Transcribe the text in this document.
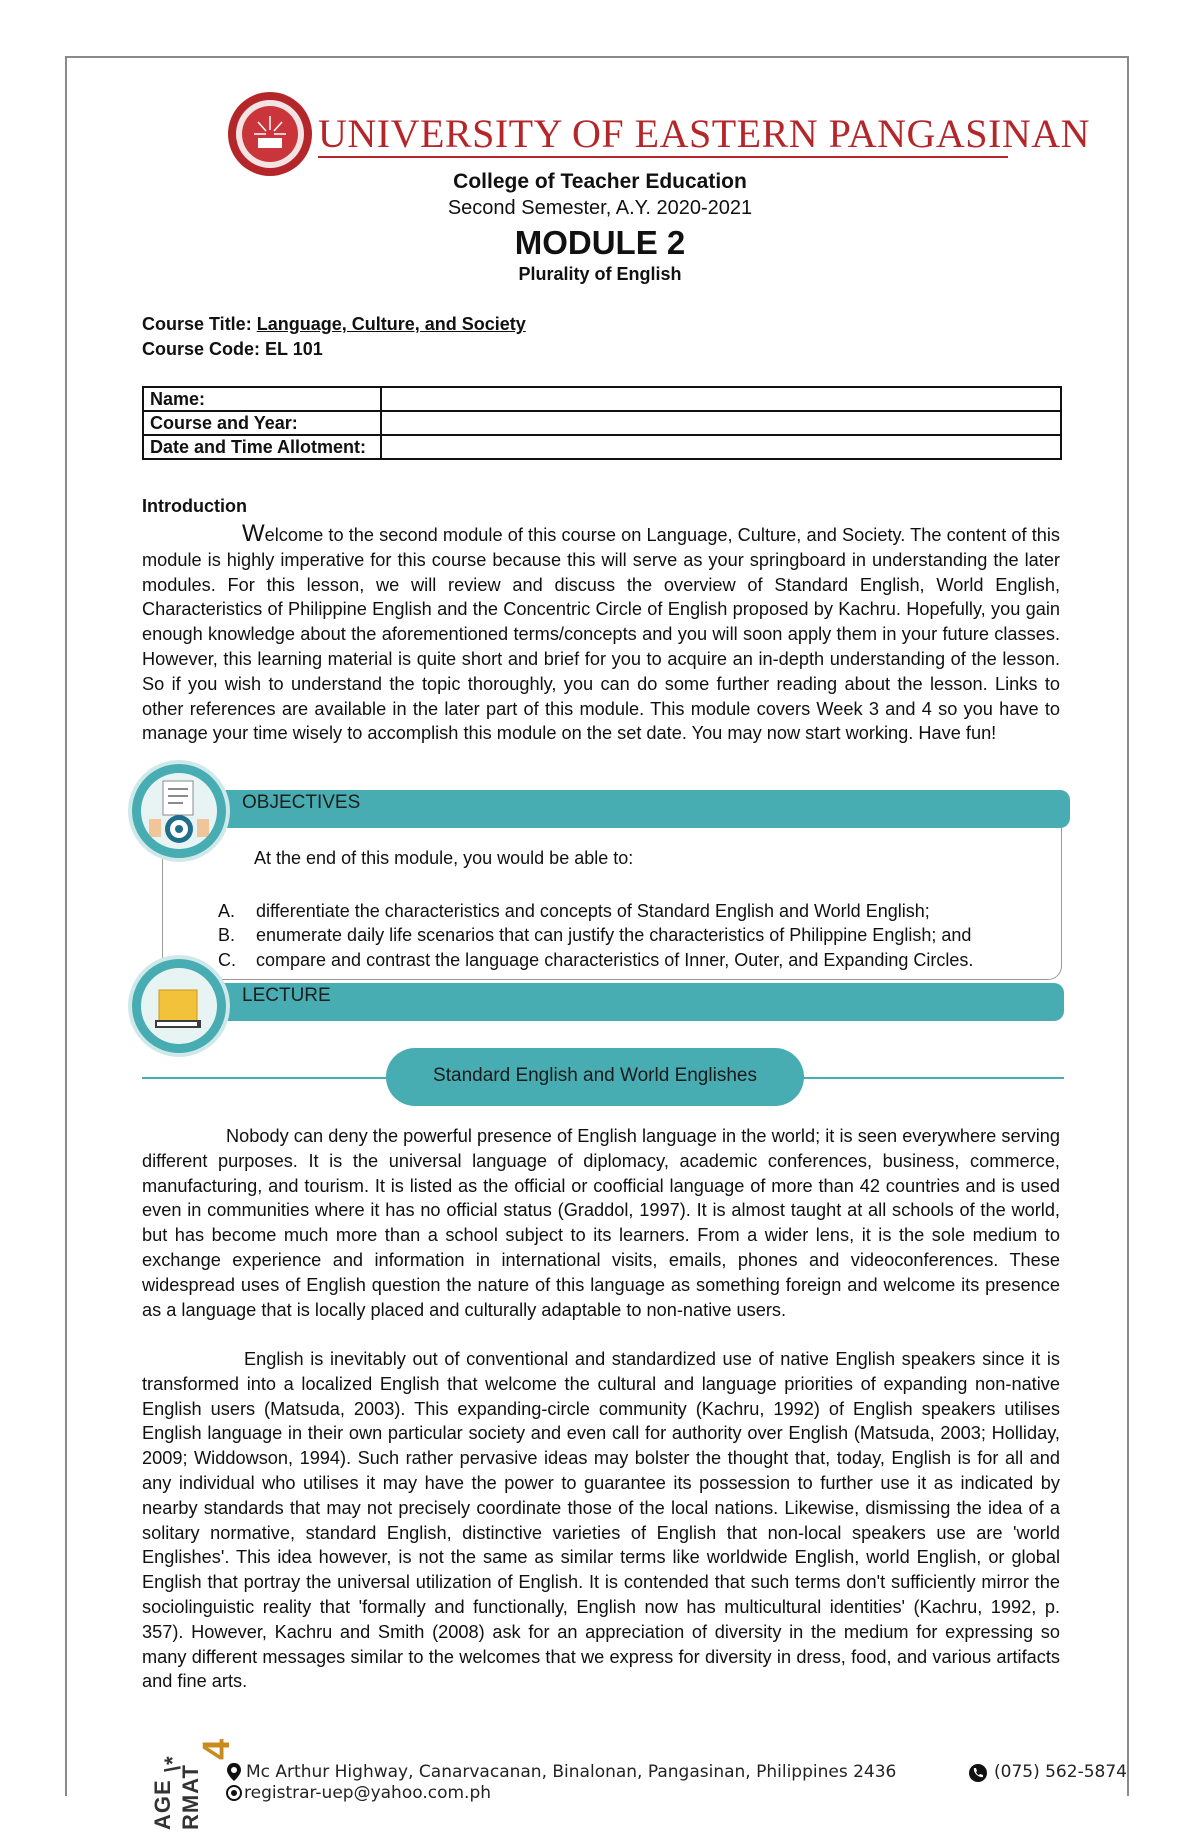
UNIVERSITY OF EASTERN PANGASINAN
College of Teacher Education
Second Semester, A.Y. 2020-2021
MODULE 2
Plurality of English
Course Title: Language, Culture, and Society
Course Code: EL 101
Name:	
Course and Year:	
Date and Time Allotment:	
Introduction
Welcome to the second module of this course on Language, Culture, and Society. The content of this module is highly imperative for this course because this will serve as your springboard in understanding the later modules. For this lesson, we will review and discuss the overview of Standard English, World English, Characteristics of Philippine English and the Concentric Circle of English proposed by Kachru. Hopefully, you gain enough knowledge about the aforementioned terms/concepts and you will soon apply them in your future classes. However, this learning material is quite short and brief for you to acquire an in-depth understanding of the lesson. So if you wish to understand the topic thoroughly, you can do some further reading about the lesson. Links to other references are available in the later part of this module. This module covers Week 3 and 4 so you have to manage your time wisely to accomplish this module on the set date. You may now start working. Have fun!
OBJECTIVES
At the end of this module, you would be able to:
A. differentiate the characteristics and concepts of Standard English and World English;
B. enumerate daily life scenarios that can justify the characteristics of Philippine English; and
C. compare and contrast the language characteristics of Inner, Outer, and Expanding Circles.
LECTURE
Standard English and World Englishes
Nobody can deny the powerful presence of English language in the world; it is seen everywhere serving different purposes. It is the universal language of diplomacy, academic conferences, business, commerce, manufacturing, and tourism. It is listed as the official or coofficial language of more than 42 countries and is used even in communities where it has no official status (Graddol, 1997). It is almost taught at all schools of the world, but has become much more than a school subject to its learners. From a wider lens, it is the sole medium to exchange experience and information in international visits, emails, phones and videoconferences. These widespread uses of English question the nature of this language as something foreign and welcome its presence as a language that is locally placed and culturally adaptable to non-native users.
English is inevitably out of conventional and standardized use of native English speakers since it is transformed into a localized English that welcome the cultural and language priorities of expanding non-native English users (Matsuda, 2003). This expanding-circle community (Kachru, 1992) of English speakers utilises English language in their own particular society and even call for authority over English (Matsuda, 2003; Holliday, 2009; Widdowson, 1994). Such rather pervasive ideas may bolster the thought that, today, English is for all and any individual who utilises it may have the power to guarantee its possession to further use it as indicated by nearby standards that may not precisely coordinate those of the local nations. Likewise, dismissing the idea of a solitary normative, standard English, distinctive varieties of English that non-local speakers use are 'world Englishes'. This idea however, is not the same as similar terms like worldwide English, world English, or global English that portray the universal utilization of English. It is contended that such terms don't sufficiently mirror the sociolinguistic reality that 'formally and functionally, English now has multicultural identities' (Kachru, 1992, p. 357). However, Kachru and Smith (2008) ask for an appreciation of diversity in the medium for expressing so many different messages similar to the welcomes that we express for diversity in dress, food, and various artifacts and fine arts.
AGE
\*
RMAT
4
Mc Arthur Highway, Canarvacanan, Binalonan, Pangasinan, Philippines 2436	(075) 562-5874
registrar-uep@yahoo.com.ph
